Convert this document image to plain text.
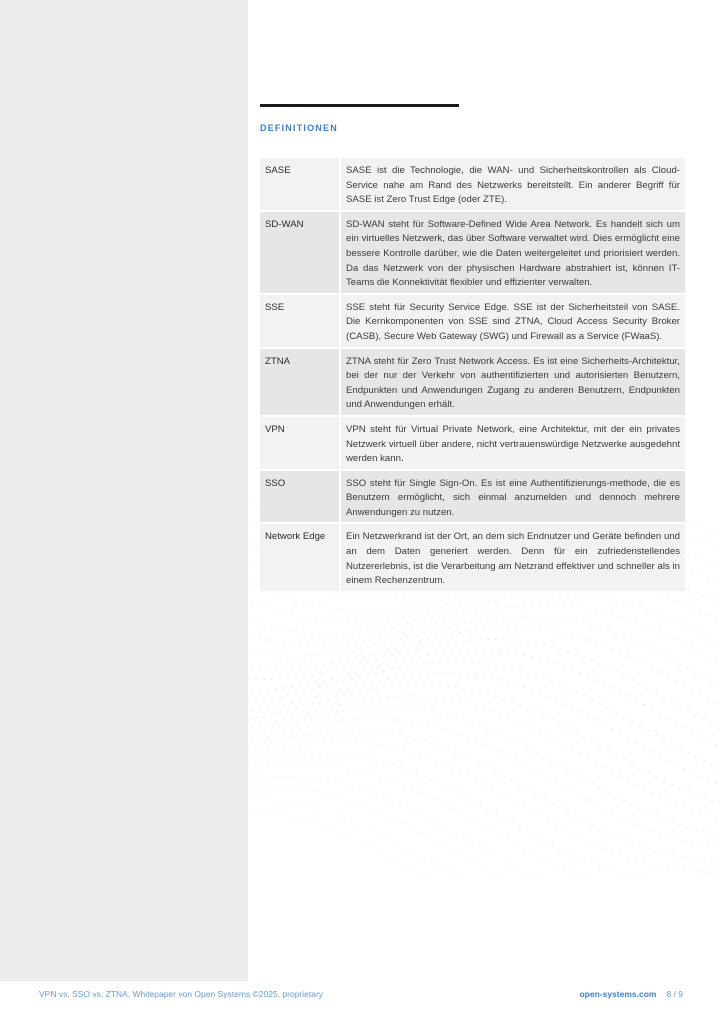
DEFINITIONEN
SASE	SASE ist die Technologie, die WAN- und Sicherheitskontrollen als Cloud-Service nahe am Rand des Netzwerks bereitstellt. Ein anderer Begriff für SASE ist Zero Trust Edge (oder ZTE).
SD-WAN	SD-WAN steht für Software-Defined Wide Area Network. Es handelt sich um ein virtuelles Netzwerk, das über Software verwaltet wird. Dies ermöglicht eine bessere Kontrolle darüber, wie die Daten weitergeleitet und priorisiert werden. Da das Netzwerk von der physischen Hardware abstrahiert ist, können IT-Teams die Konnektivität flexibler und effizienter verwalten.
SSE	SSE steht für Security Service Edge. SSE ist der Sicherheitsteil von SASE. Die Kernkomponenten von SSE sind ZTNA, Cloud Access Security Broker (CASB), Secure Web Gateway (SWG) und Firewall as a Service (FWaaS).
ZTNA	ZTNA steht für Zero Trust Network Access. Es ist eine Sicherheits-Architektur, bei der nur der Verkehr von authentifizierten und autorisierten Benutzern, Endpunkten und Anwendungen Zugang zu anderen Benutzern, Endpunkten und Anwendungen erhält.
VPN	VPN steht für Virtual Private Network, eine Architektur, mit der ein privates Netzwerk virtuell über andere, nicht vertrauenswürdige Netzwerke ausgedehnt werden kann.
SSO	SSO steht für Single Sign-On. Es ist eine Authentifizierungs-methode, die es Benutzern ermöglicht, sich einmal anzumelden und dennoch mehrere Anwendungen zu nutzen.
Network Edge	Ein Netzwerkrand ist der Ort, an dem sich Endnutzer und Geräte befinden und an dem Daten generiert werden. Denn für ein zufriedenstellendes Nutzererlebnis, ist die Verarbeitung am Netzrand effektiver und schneller als in einem Rechenzentrum.
VPN vs. SSO vs. ZTNA, Whitepaper von Open Systems ©2025, proprietary	open-systems.com 8 / 9
